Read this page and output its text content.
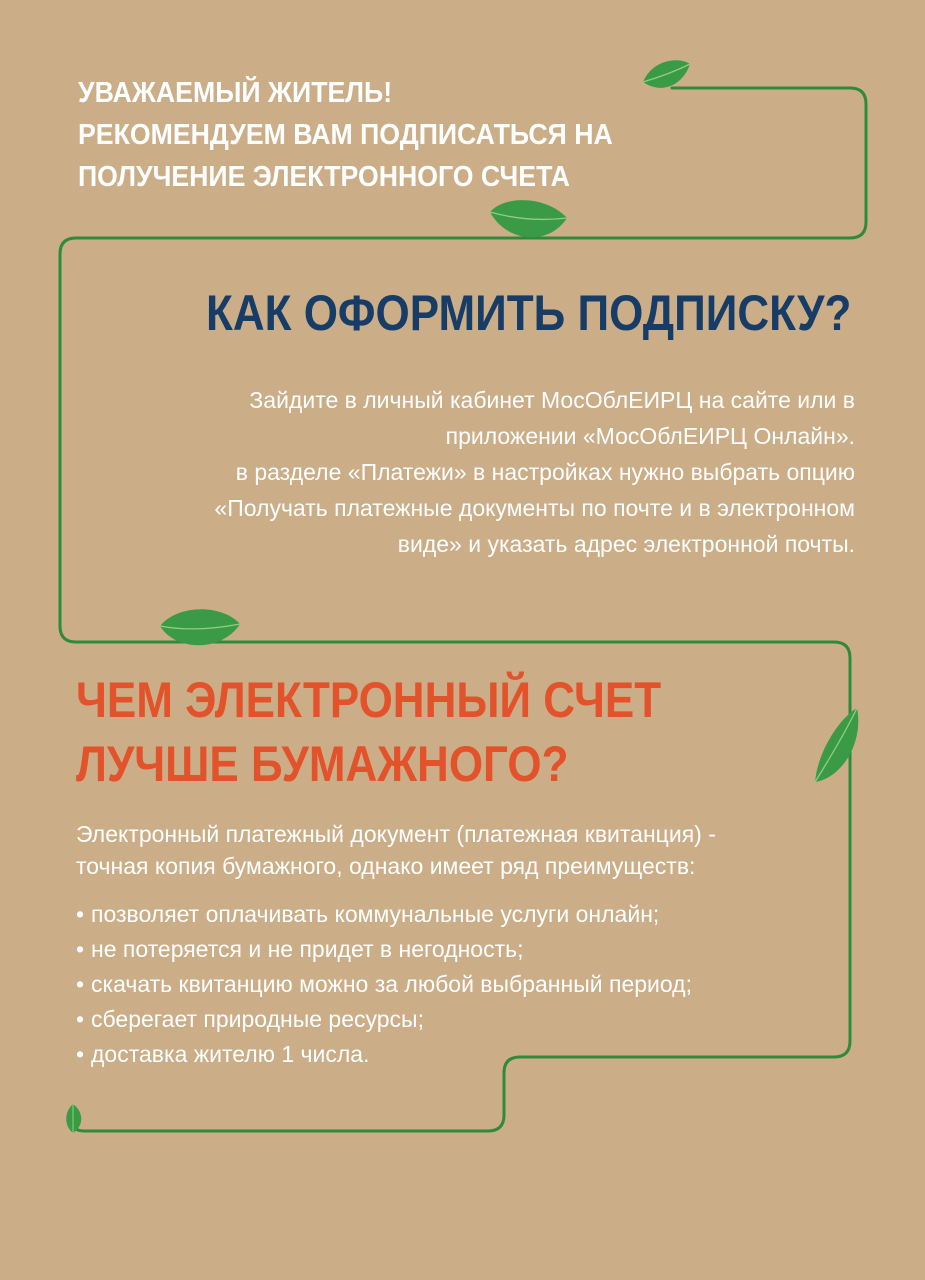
УВАЖАЕМЫЙ ЖИТЕЛЬ!
РЕКОМЕНДУЕМ ВАМ ПОДПИСАТЬСЯ НА
ПОЛУЧЕНИЕ ЭЛЕКТРОННОГО СЧЕТА
КАК ОФОРМИТЬ ПОДПИСКУ?
Зайдите в личный кабинет МосОблЕИРЦ на сайте или в
приложении «МосОблЕИРЦ Онлайн».
в разделе «Платежи» в настройках нужно выбрать опцию
«Получать платежные документы по почте и в электронном
виде» и указать адрес электронной почты.
ЧЕМ ЭЛЕКТРОННЫЙ СЧЕТ
ЛУЧШЕ БУМАЖНОГО?
Электронный платежный документ (платежная квитанция) -
точная копия бумажного, однако имеет ряд преимуществ:
• позволяет оплачивать коммунальные услуги онлайн;
• не потеряется и не придет в негодность;
• скачать квитанцию можно за любой выбранный период;
• сберегает природные ресурсы;
• доставка жителю 1 числа.
